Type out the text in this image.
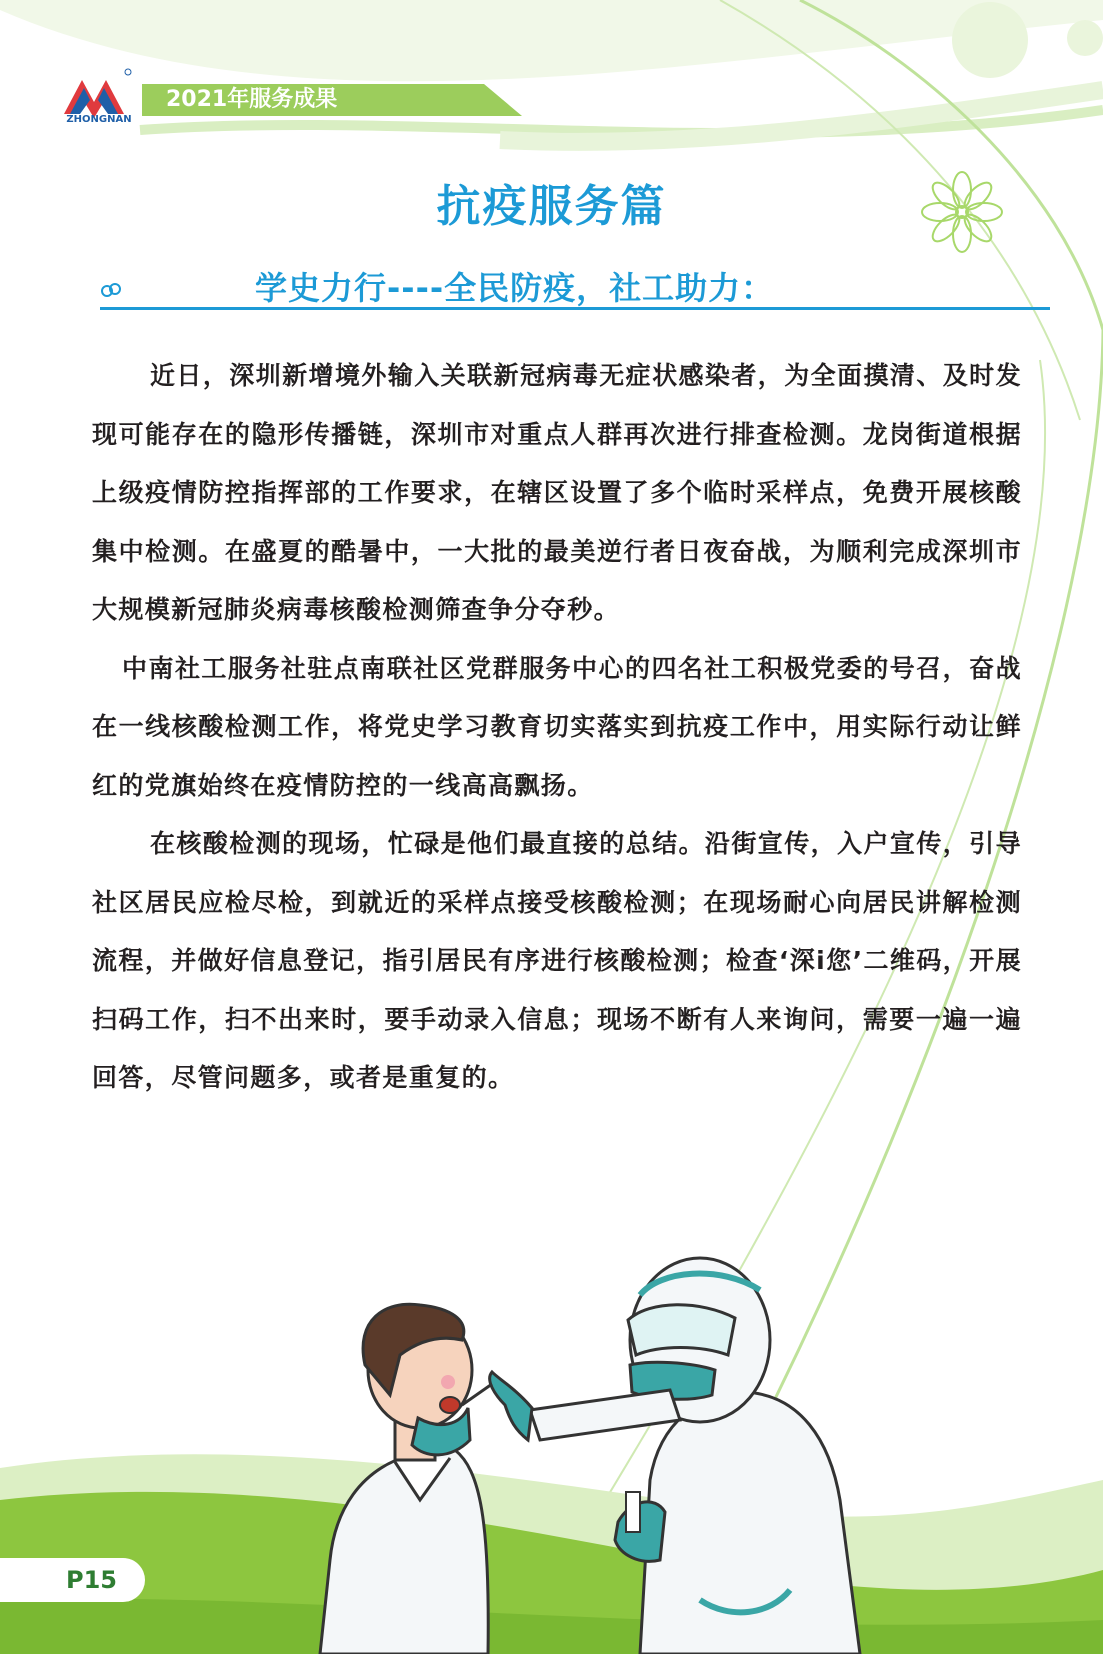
ZHONGNAN
2021年服务成果
抗疫服务篇
学史力行----全民防疫，社工助力：

近日，深圳新增境外输入关联新冠病毒无症状感染者，为全面摸清、及时发现可能存在的隐形传播链，深圳市对重点人群再次进行排查检测。龙岗街道根据上级疫情防控指挥部的工作要求，在辖区设置了多个临时采样点，免费开展核酸集中检测。在盛夏的酷暑中，一大批的最美逆行者日夜奋战，为顺利完成深圳市大规模新冠肺炎病毒核酸检测筛查争分夺秒。

中南社工服务社驻点南联社区党群服务中心的四名社工积极党委的号召，奋战在一线核酸检测工作，将党史学习教育切实落实到抗疫工作中，用实际行动让鲜红的党旗始终在疫情防控的一线高高飘扬。

在核酸检测的现场，忙碌是他们最直接的总结。沿街宣传，入户宣传，引导社区居民应检尽检，到就近的采样点接受核酸检测；在现场耐心向居民讲解检测流程，并做好信息登记，指引居民有序进行核酸检测；检查‘深i您’二维码，开展扫码工作，扫不出来时，要手动录入信息；现场不断有人来询问，需要一遍一遍回答，尽管问题多，或者是重复的。

P15
